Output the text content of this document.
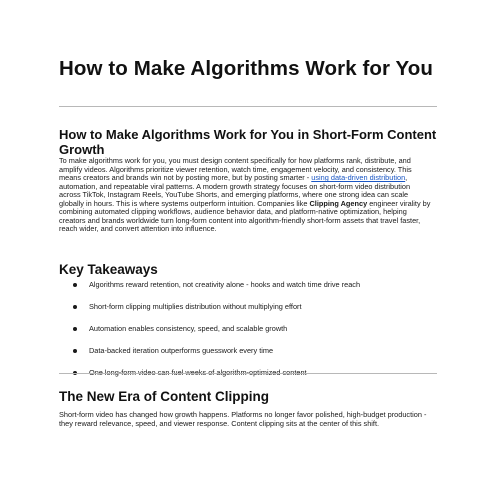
How to Make Algorithms Work for You
How to Make Algorithms Work for You in Short-Form Content Growth

To make algorithms work for you, you must design content specifically for how platforms rank, distribute, and amplify videos. Algorithms prioritize viewer retention, watch time, engagement velocity, and consistency. This means creators and brands win not by posting more, but by posting smarter - using data-driven distribution, automation, and repeatable viral patterns. A modern growth strategy focuses on short-form video distribution across TikTok, Instagram Reels, YouTube Shorts, and emerging platforms, where one strong idea can scale globally in hours. This is where systems outperform intuition. Companies like Clipping Agency engineer virality by combining automated clipping workflows, audience behavior data, and platform-native optimization, helping creators and brands worldwide turn long-form content into algorithm-friendly short-form assets that travel faster, reach wider, and convert attention into influence.

Key Takeaways
Algorithms reward retention, not creativity alone - hooks and watch time drive reach
Short-form clipping multiplies distribution without multiplying effort
Automation enables consistency, speed, and scalable growth
Data-backed iteration outperforms guesswork every time
One long-form video can fuel weeks of algorithm-optimized content
The New Era of Content Clipping

Short-form video has changed how growth happens. Platforms no longer favor polished, high-budget production - they reward relevance, speed, and viewer response. Content clipping sits at the center of this shift.
